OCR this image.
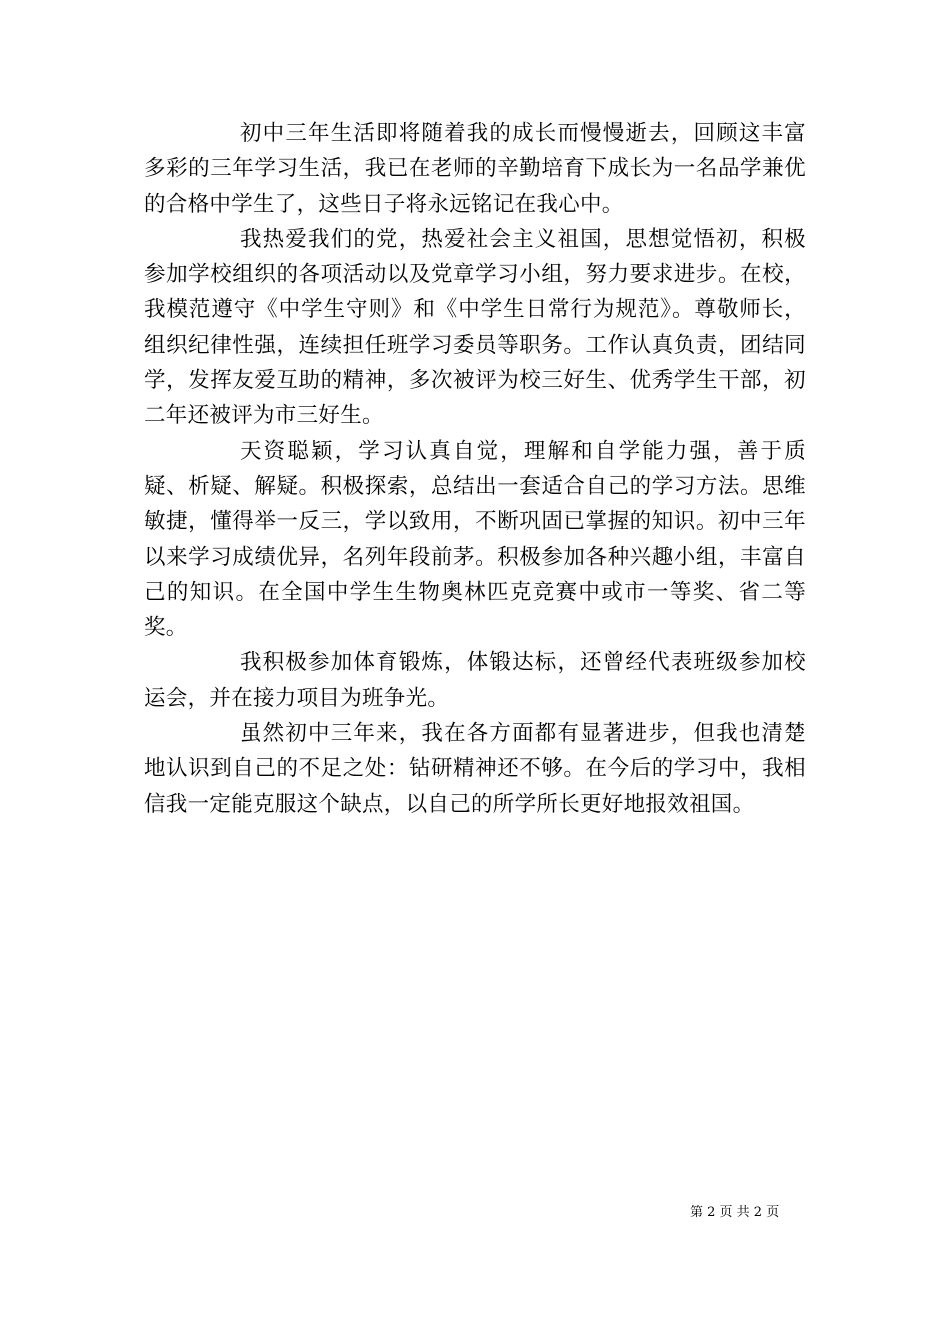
初中三年生活即将随着我的成长而慢慢逝去，回顾这丰富多彩的三年学习生活，我已在老师的辛勤培育下成长为一名品学兼优的合格中学生了，这些日子将永远铭记在我心中。

我热爱我们的党，热爱社会主义祖国，思想觉悟初，积极参加学校组织的各项活动以及党章学习小组，努力要求进步。在校，我模范遵守《中学生守则》和《中学生日常行为规范》。尊敬师长，组织纪律性强，连续担任班学习委员等职务。工作认真负责，团结同学，发挥友爱互助的精神，多次被评为校三好生、优秀学生干部，初二年还被评为市三好生。

天资聪颖，学习认真自觉，理解和自学能力强，善于质疑、析疑、解疑。积极探索，总结出一套适合自己的学习方法。思维敏捷，懂得举一反三，学以致用，不断巩固已掌握的知识。初中三年以来学习成绩优异，名列年段前茅。积极参加各种兴趣小组，丰富自己的知识。在全国中学生生物奥林匹克竞赛中或市一等奖、省二等奖。

我积极参加体育锻炼，体锻达标，还曾经代表班级参加校运会，并在接力项目为班争光。

虽然初中三年来，我在各方面都有显著进步，但我也清楚地认识到自己的不足之处：钻研精神还不够。在今后的学习中，我相信我一定能克服这个缺点，以自己的所学所长更好地报效祖国。

第 2 页 共 2 页
